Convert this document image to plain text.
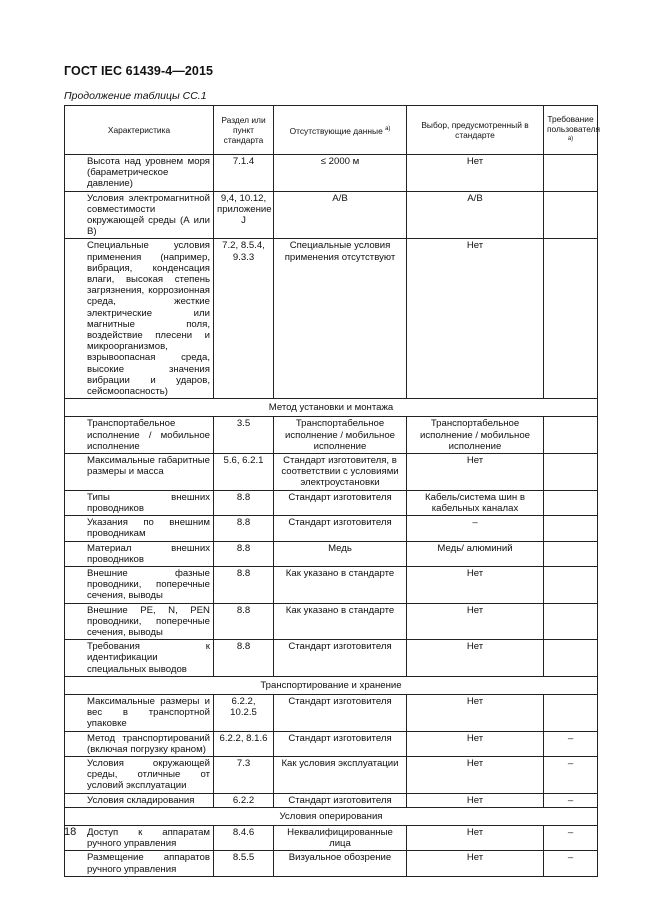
ГОСТ IEC 61439-4—2015
Продолжение таблицы СС.1
Характеристика	Раздел или пункт стандарта	Отсутствующие данные $^{a)}$	Выбор, предусмотренный в стандарте	Требование пользователя $^{a)}$
Высота над уровнем моря (бараметрическое давление)	7.1.4	≤ 2000 м	Нет	
Условия электромагнитной совместимости окружающей среды (А или В)	9,4, 10.12, приложение J	А/В	А/В	
Специальные условия применения (например, вибрация, конденсация влаги, высокая степень загрязнения, коррозионная среда, жесткие электрические или магнитные поля, воздействие плесени и микроорганизмов, взрывоопасная среда, высокие значения вибрации и ударов, сейсмоопасность)	7.2, 8.5.4, 9.3.3	Специальные условия применения отсутствуют	Нет	
Метод установки и монтажа				
Транспортабельное исполнение / мобильное исполнение	3.5	Транспортабельное исполнение / мобильное исполнение	Транспортабельное исполнение / мобильное исполнение	
Максимальные габаритные размеры и масса	5.6, 6.2.1	Стандарт изготовителя, в соответствии с условиями электроустановки	Нет	
Типы внешних проводников	8.8	Стандарт изготовителя	Кабель/система шин в кабельных каналах	
Указания по внешним проводникам	8.8	Стандарт изготовителя	–	
Материал внешних проводников	8.8	Медь	Медь/ алюминий	
Внешние фазные проводники, поперечные сечения, выводы	8.8	Как указано в стандарте	Нет	
Внешние PE, N, PEN проводники, поперечные сечения, выводы	8.8	Как указано в стандарте	Нет	
Требования к идентификации специальных выводов	8.8	Стандарт изготовителя	Нет	
Транспортирование и хранение				
Максимальные размеры и вес в транспортной упаковке	6.2.2, 10.2.5	Стандарт изготовителя	Нет	
Метод транспортирований (включая погрузку краном)	6.2.2, 8.1.6	Стандарт изготовителя	Нет	–
Условия окружающей среды, отличные от условий эксплуатации	7.3	Как условия эксплуатации	Нет	–
Условия складирования	6.2.2	Стандарт изготовителя	Нет	–
Условия оперирования				
Доступ к аппаратам ручного управления	8.4.6	Неквалифицированные лица	Нет	–
Размещение аппаратов ручного управления	8.5.5	Визуальное обозрение	Нет	–
18
